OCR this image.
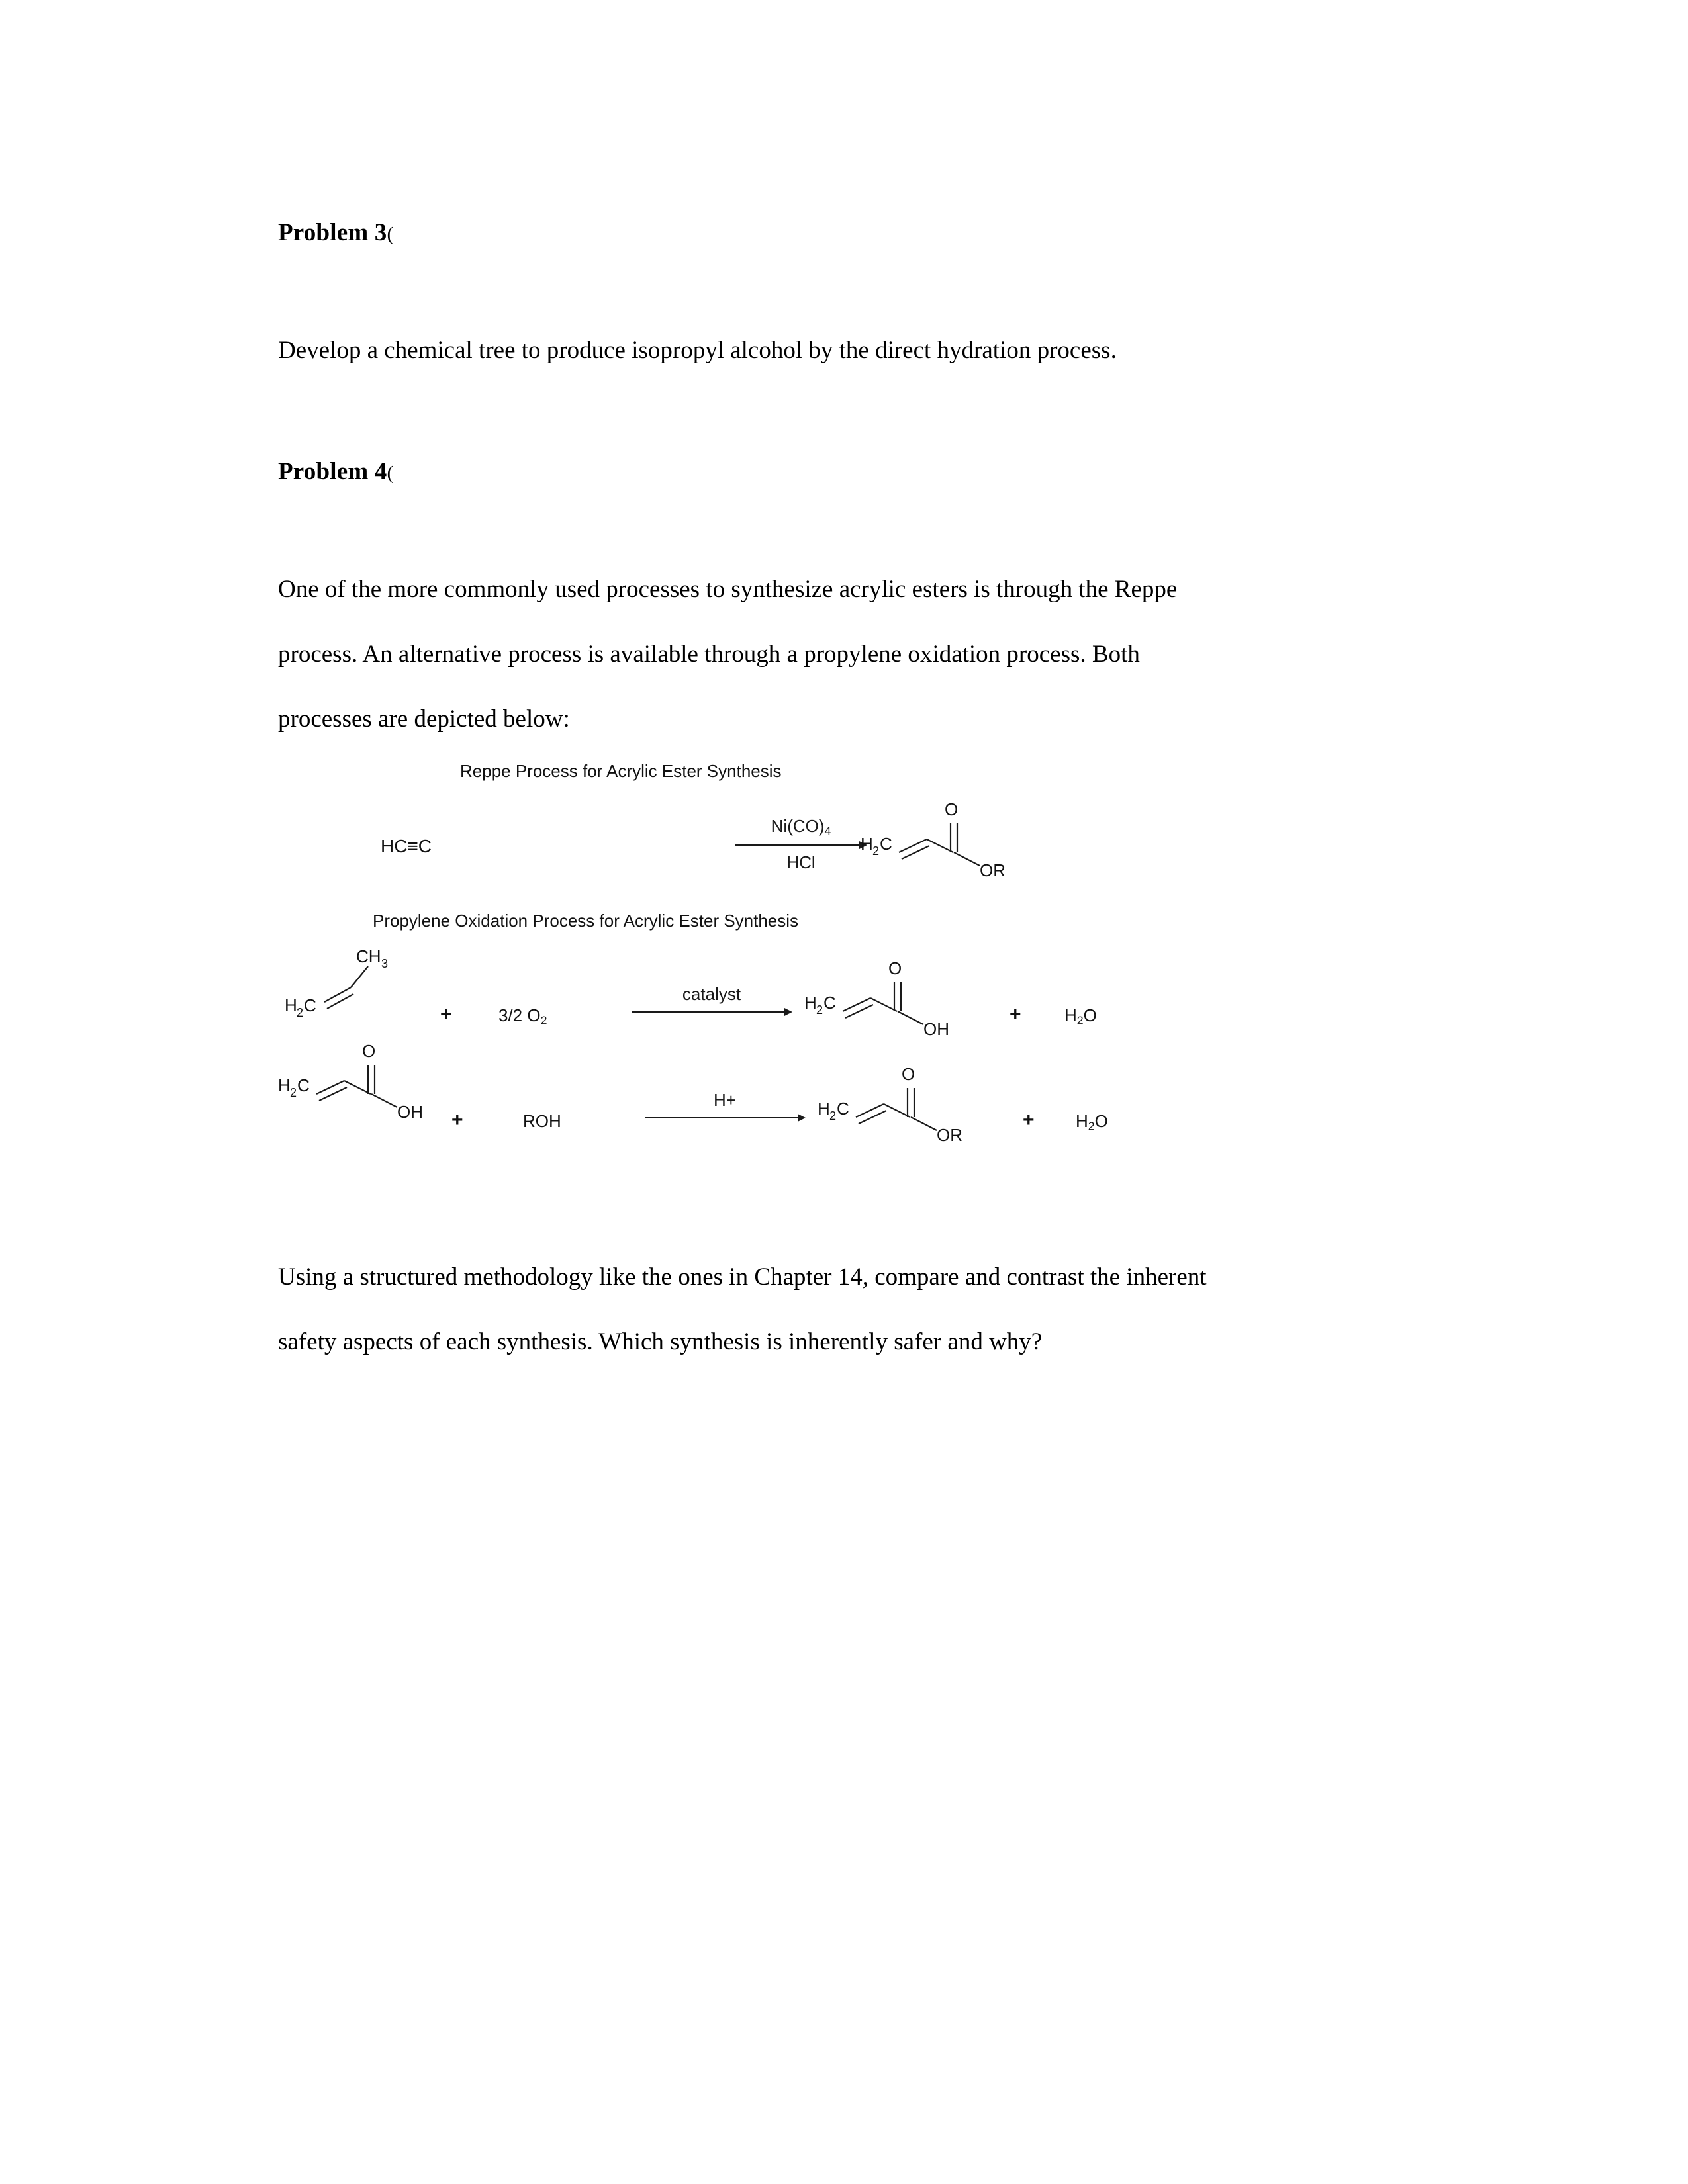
Problem 3(

Develop a chemical tree to produce isopropyl alcohol by the direct hydration process.

Problem 4(

One of the more commonly used processes to synthesize acrylic esters is through the Reppe

process. An alternative process is available through a propylene oxidation process. Both

processes are depicted below:

Reppe Process for Acrylic Ester Synthesis
HC≡C
$Ni(CO)_4$
HCl
H 2 C
O
OR
Propylene Oxidation Process for Acrylic Ester Synthesis
H 2 C
CH 3
+	3/2 $O_2$
catalyst	H 2 C
O
OH
+	$H_2O$
H 2 C
O
OH +	ROH
H+	H 2 C
O
OR
+ $H_2O$

Using a structured methodology like the ones in Chapter 14, compare and contrast the inherent

safety aspects of each synthesis. Which synthesis is inherently safer and why?
